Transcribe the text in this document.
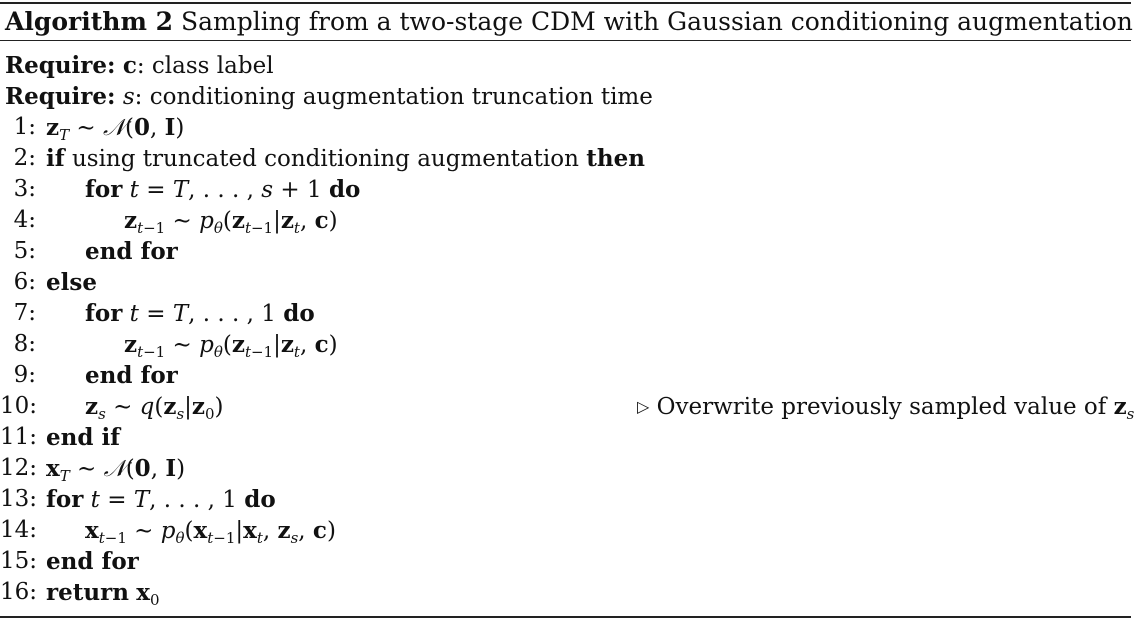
Algorithm 2 Sampling from a two-stage CDM with Gaussian conditioning augmentation
Require: c: class label
Require: s: conditioning augmentation truncation time
1: $z_T$ ∼ 𝒩(0, I)
2: if using truncated conditioning augmentation then
3: for t = T, . . . , s + 1 do
4:	$z_{t-1}$ ∼ $p_\theta(z_{t-1}|z_t$, c)
5: end for
6: else
7: for t = T, . . . , 1 do
8:	$z_{t-1}$ ∼ $p_\theta(z_{t-1}|z_t$, c)
9: end for
10: $z_s$ ∼ $q(z_s|z_0)$	▷ Overwrite previously sampled value of $z_s$
11: end if
12: $x_T$ ∼ 𝒩(0, I)
13: for t = T, . . . , 1 do
14: $x_{t-1}$ ∼ $p_\theta(x_{t-1}|x_t$, $z_s$, c)
15: end for
16: return $x_0$
